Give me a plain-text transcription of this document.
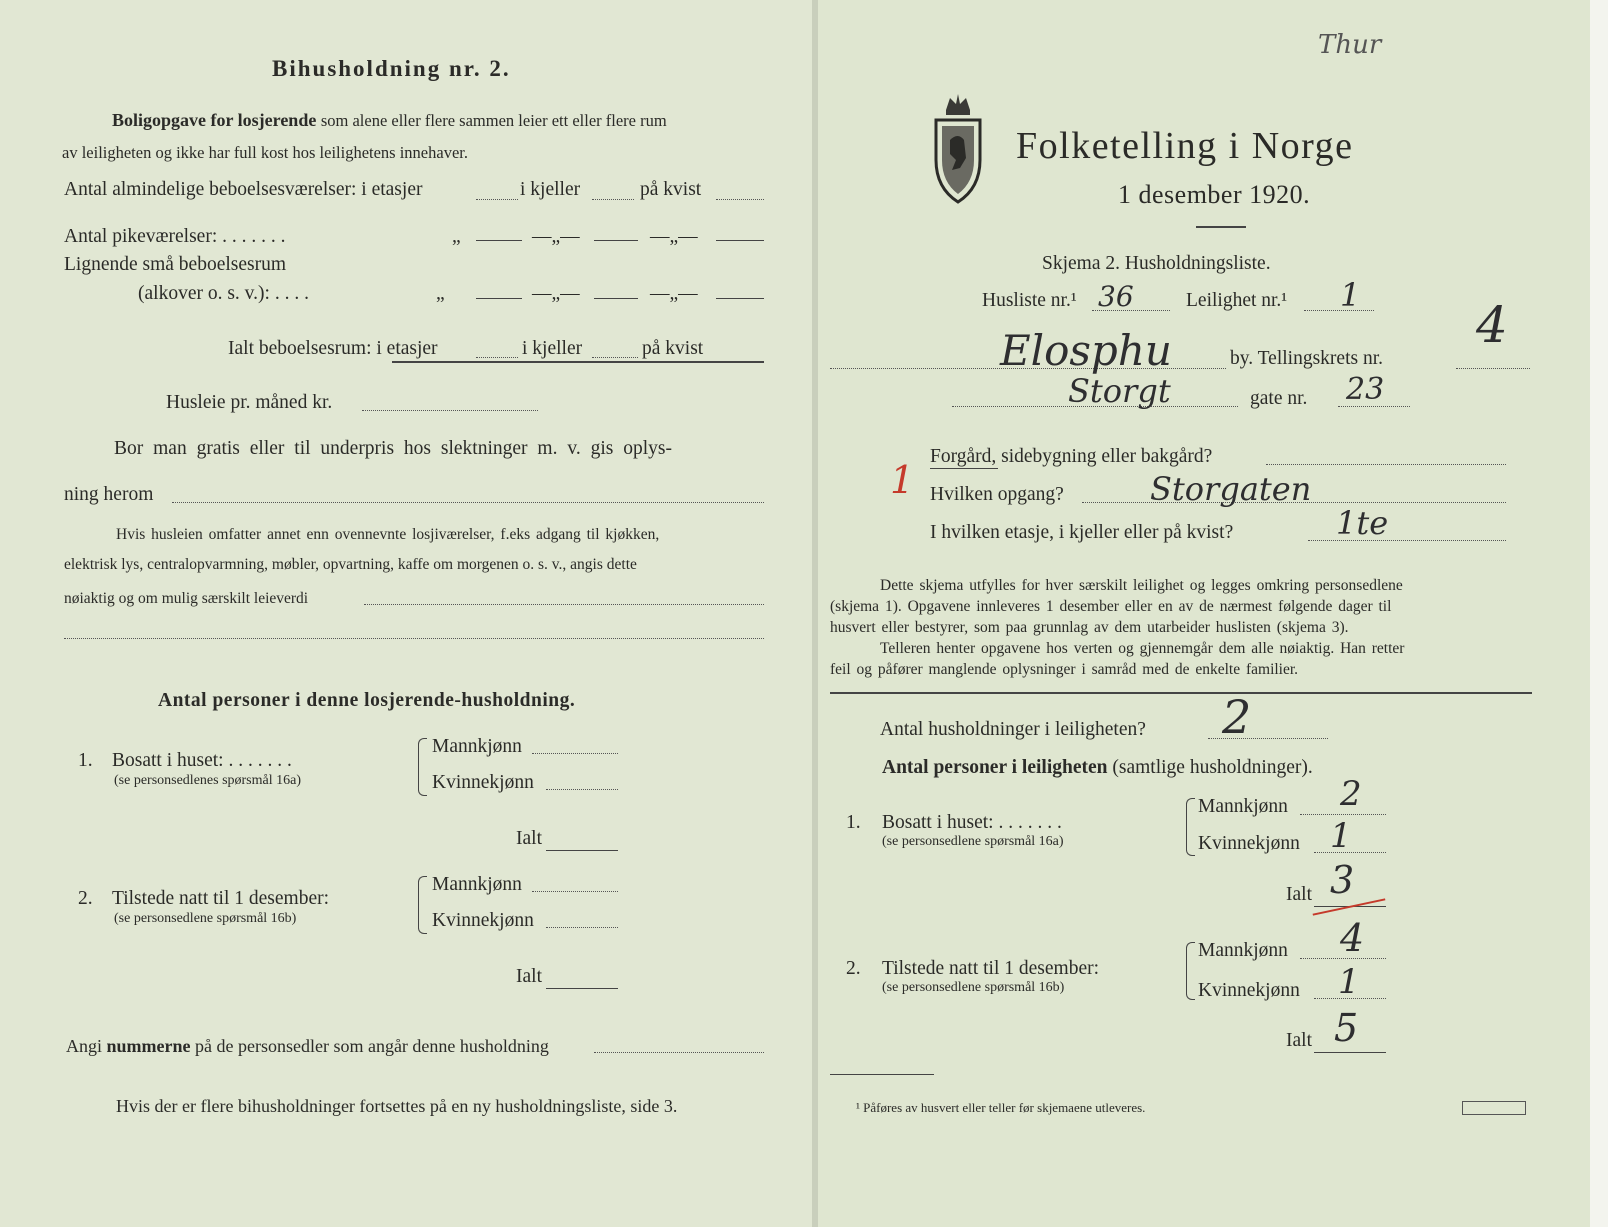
Bihusholdning nr. 2.
Boligopgave for losjerende som alene eller flere sammen leier ett eller flere rum
av leiligheten og ikke har full kost hos leilighetens innehaver.
Antal almindelige beboelsesværelser: i etasjer	i kjeller	på kvist
Antal pikeværelser: . . . . . . .	„	—„—	—„—
Lignende små beboelsesrum
(alkover o. s. v.): . . . .	„	—„—	—„—
Ialt beboelsesrum: i etasjer	i kjeller	på kvist
Husleie pr. måned kr.
Bor man gratis eller til underpris hos slektninger m. v. gis oplys-
ning herom
Hvis husleien omfatter annet enn ovennevnte losjiværelser, f.eks adgang til kjøkken,
elektrisk lys, centralopvarmning, møbler, opvartning, kaffe om morgenen o. s. v., angis dette
nøiaktig og om mulig særskilt leieverdi
Antal personer i denne losjerende-husholdning.
1. Bosatt i huset: . . . . . . .
(se personsedlenes spørsmål 16a)
Mannkjønn
Kvinnekjønn
Ialt
2. Tilstede natt til 1 desember:
(se personsedlene spørsmål 16b)
Mannkjønn
Kvinnekjønn
Ialt
Angi nummerne på de personsedler som angår denne husholdning
Hvis der er flere bihusholdninger fortsettes på en ny husholdningsliste, side 3.
Thur
Folketelling i Norge
1 desember 1920.
Skjema 2. Husholdningsliste.
Husliste nr.¹ 36	Leilighet nr.¹ 1
Elosphu	by. Tellingskrets nr.
4
Storgt	gate nr. 23
1
Forgård, sidebygning eller bakgård?
Hvilken opgang?	Storgaten
I hvilken etasje, i kjeller eller på kvist?	1te
Dette skjema utfylles for hver særskilt leilighet og legges omkring personsedlene
(skjema 1). Opgavene innleveres 1 desember eller en av de nærmest følgende dager til
husvert eller bestyrer, som paa grunnlag av dem utarbeider huslisten (skjema 3).
Telleren henter opgavene hos verten og gjennemgår dem alle nøiaktig. Han retter
feil og påfører manglende oplysninger i samråd med de enkelte familier.
Antal husholdninger i leiligheten? 2
Antal personer i leiligheten (samtlige husholdninger).
1. Bosatt i huset: . . . . . . .
(se personsedlene spørsmål 16a)
Mannkjønn 2
Kvinnekjønn 1
Ialt 3
2. Tilstede natt til 1 desember:
(se personsedlene spørsmål 16b)
Mannkjønn 4
Kvinnekjønn 1
Ialt 5
¹ Påføres av husvert eller teller før skjemaene utleveres.
